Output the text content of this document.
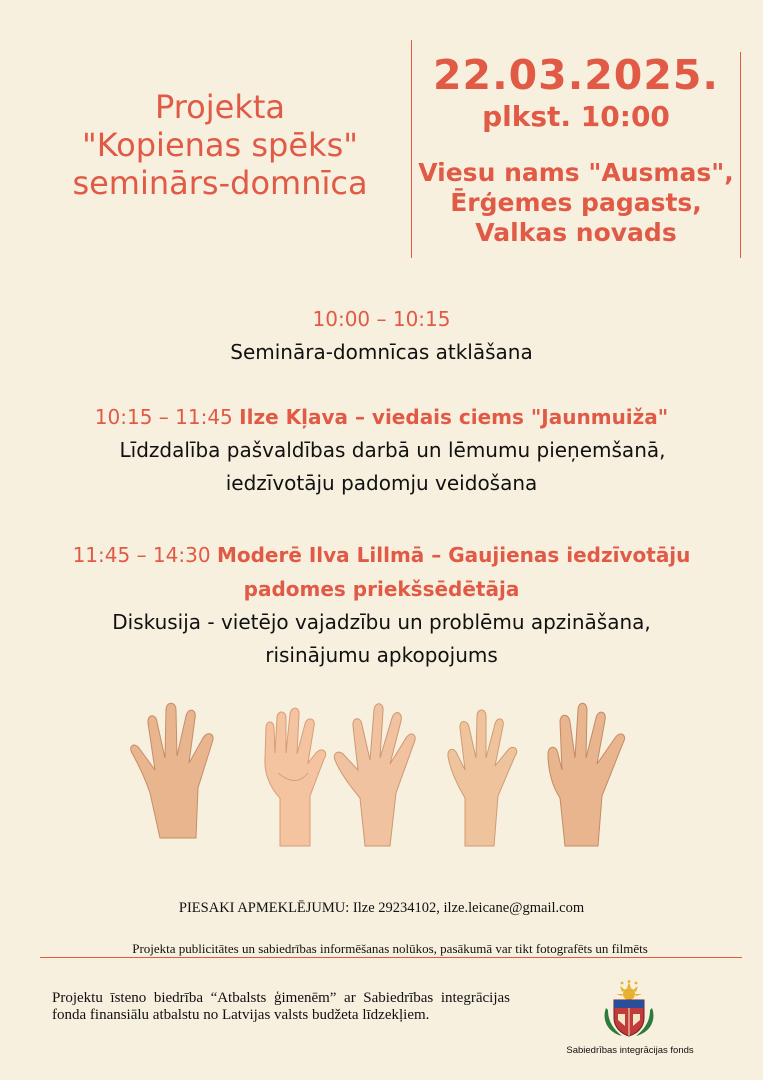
Projekta
"Kopienas spēks"
seminārs-domnīca
22.03.2025.
plkst. 10:00
Viesu nams "Ausmas",
Ērģemes pagasts,
Valkas novads
10:00 – 10:15
Semināra-domnīcas atklāšana
10:15 – 11:45 Ilze Kļava – viedais ciems "Jaunmuiža"
Līdzdalība pašvaldības darbā un lēmumu pieņemšanā,
iedzīvotāju padomju veidošana
11:45 – 14:30 Moderē Ilva Lillmā – Gaujienas iedzīvotāju
padomes priekšsēdētāja
Diskusija - vietējo vajadzību un problēmu apzināšana,
risinājumu apkopojums
PIESAKI APMEKLĒJUMU: Ilze 29234102, ilze.leicane@gmail.com
Projekta publicitātes un sabiedrības informēšanas nolūkos, pasākumā var tikt fotografēts un filmēts
Projektu īsteno biedrība “Atbalsts ģimenēm” ar Sabiedrības integrācijas fonda finansiālu atbalstu no Latvijas valsts budžeta līdzekļiem.
Sabiedrības integrācijas fonds
